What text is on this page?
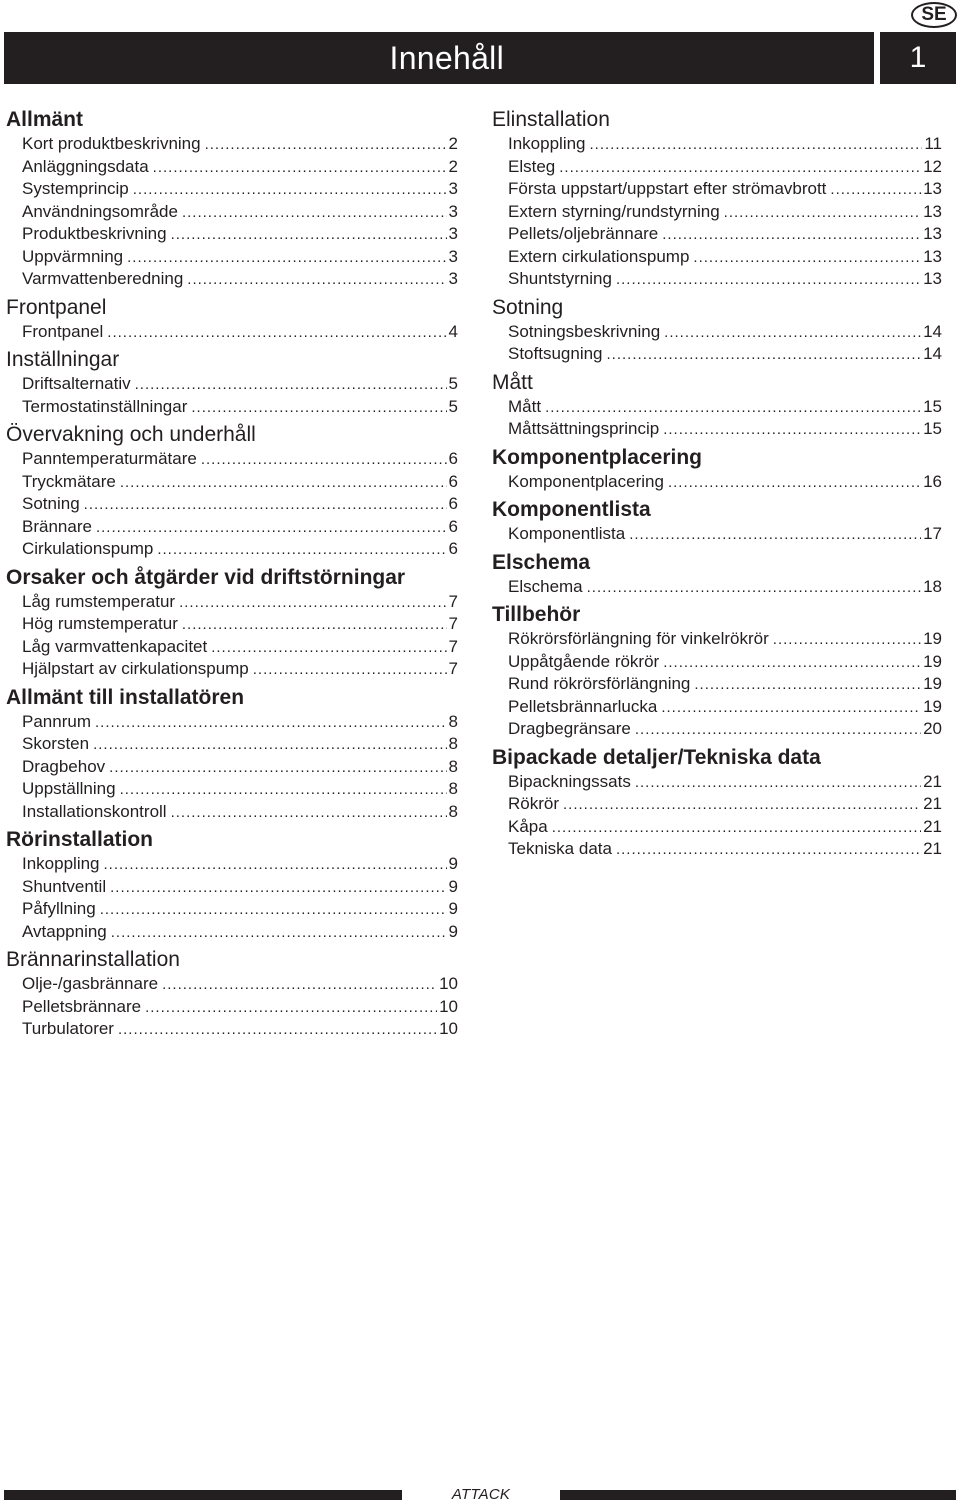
SE
Innehåll	1
Allmänt
Kort produktbeskrivning .....	2
Anläggningsdata .....	2
Systemprincip .....	3
Användningsområde .....	3
Produktbeskrivning .....	3
Uppvärmning .....	3
Varmvattenberedning .....	3
Frontpanel
Frontpanel .....	4
Inställningar
Driftsalternativ .....	5
Termostatinställningar .....	5
Övervakning och underhåll
Panntemperaturmätare .....	6
Tryckmätare .....	6
Sotning .....	6
Brännare .....	6
Cirkulationspump .....	6
Orsaker och åtgärder vid driftstörningar
Låg rumstemperatur .....	7
Hög rumstemperatur .....	7
Låg varmvattenkapacitet .....	7
Hjälpstart av cirkulationspump .....	7
Allmänt till installatören
Pannrum .....	8
Skorsten .....	8
Dragbehov .....	8
Uppställning .....	8
Installationskontroll .....	8
Rörinstallation
Inkoppling .....	9
Shuntventil .....	9
Påfyllning .....	9
Avtappning .....	9
Brännarinstallation
Olje-/gasbrännare .....	10
Pelletsbrännare .....	10
Turbulatorer .....	10
Elinstallation
Inkoppling .....	11
Elsteg .....	12
Första uppstart/uppstart efter strömavbrott .....	13
Extern styrning/rundstyrning .....	13
Pellets/oljebrännare .....	13
Extern cirkulationspump .....	13
Shuntstyrning .....	13
Sotning
Sotningsbeskrivning .....	14
Stoftsugning .....	14
Mått
Mått .....	15
Måttsättningsprincip .....	15
Komponentplacering
Komponentplacering .....	16
Komponentlista
Komponentlista .....	17
Elschema
Elschema .....	18
Tillbehör
Rökrörsförlängning för vinkelrökrör .....	19
Uppåtgående rökrör .....	19
Rund rökrörsförlängning .....	19
Pelletsbrännarlucka .....	19
Dragbegränsare .....	20
Bipackade detaljer/Tekniska data
Bipackningssats .....	21
Rökrör .....	21
Kåpa .....	21
Tekniska data .....	21
ATTACK
